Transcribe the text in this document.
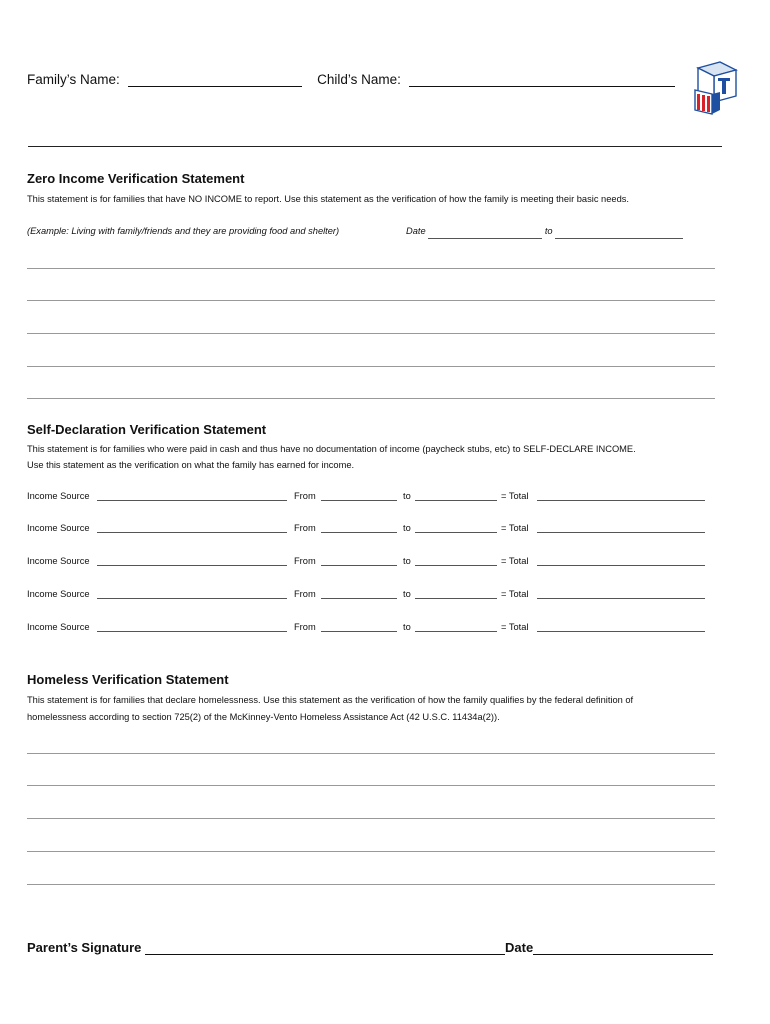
Family’s Name:	Child’s Name:
Zero Income Verification Statement
This statement is for families that have NO INCOME to report. Use this statement as the verification of how the family is meeting their basic needs.
(Example: Living with family/friends and they are providing food and shelter)	Date	to
Self-Declaration Verification Statement
This statement is for families who were paid in cash and thus have no documentation of income (paycheck stubs, etc) to SELF-DECLARE INCOME.
Use this statement as the verification on what the family has earned for income.
Income Source	From	to	= Total
Income Source	From	to	= Total
Income Source	From	to	= Total
Income Source	From	to	= Total
Income Source	From	to	= Total
Homeless Verification Statement
This statement is for families that declare homelessness. Use this statement as the verification of how the family qualifies by the federal definition of
homelessness according to section 725(2) of the McKinney-Vento Homeless Assistance Act (42 U.S.C. 11434a(2)).
Parent’s Signature	Date
